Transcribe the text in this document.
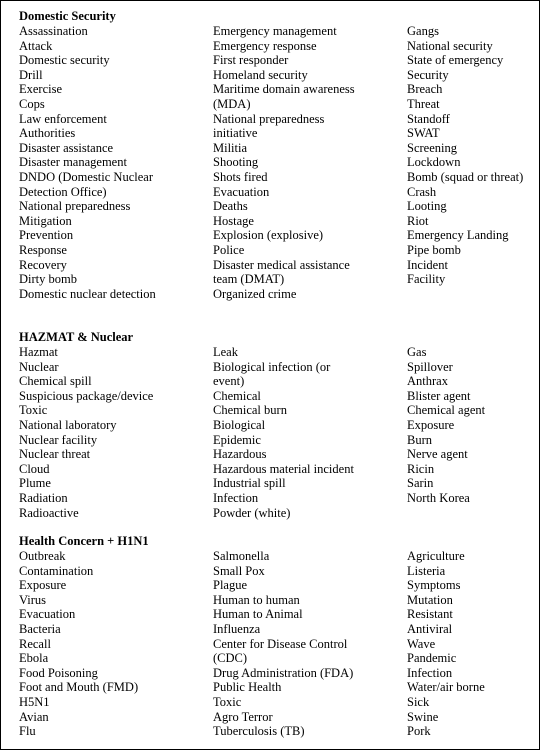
Domestic Security
Assassination
Attack
Domestic security
Drill
Exercise
Cops
Law enforcement
Authorities
Disaster assistance
Disaster management
DNDO (Domestic Nuclear
Detection Office)
National preparedness
Mitigation
Prevention
Response
Recovery
Dirty bomb
Domestic nuclear detection
Emergency management
Emergency response
First responder
Homeland security
Maritime domain awareness
(MDA)
National preparedness
initiative
Militia
Shooting
Shots fired
Evacuation
Deaths
Hostage
Explosion (explosive)
Police
Disaster medical assistance
team (DMAT)
Organized crime
Gangs
National security
State of emergency
Security
Breach
Threat
Standoff
SWAT
Screening
Lockdown
Bomb (squad or threat)
Crash
Looting
Riot
Emergency Landing
Pipe bomb
Incident
Facility
HAZMAT & Nuclear
Hazmat
Nuclear
Chemical spill
Suspicious package/device
Toxic
National laboratory
Nuclear facility
Nuclear threat
Cloud
Plume
Radiation
Radioactive
Leak
Biological infection (or
event)
Chemical
Chemical burn
Biological
Epidemic
Hazardous
Hazardous material incident
Industrial spill
Infection
Powder (white)
Gas
Spillover
Anthrax
Blister agent
Chemical agent
Exposure
Burn
Nerve agent
Ricin
Sarin
North Korea
Health Concern + H1N1
Outbreak
Contamination
Exposure
Virus
Evacuation
Bacteria
Recall
Ebola
Food Poisoning
Foot and Mouth (FMD)
H5N1
Avian
Flu
Salmonella
Small Pox
Plague
Human to human
Human to Animal
Influenza
Center for Disease Control
(CDC)
Drug Administration (FDA)
Public Health
Toxic
Agro Terror
Tuberculosis (TB)
Agriculture
Listeria
Symptoms
Mutation
Resistant
Antiviral
Wave
Pandemic
Infection
Water/air borne
Sick
Swine
Pork
